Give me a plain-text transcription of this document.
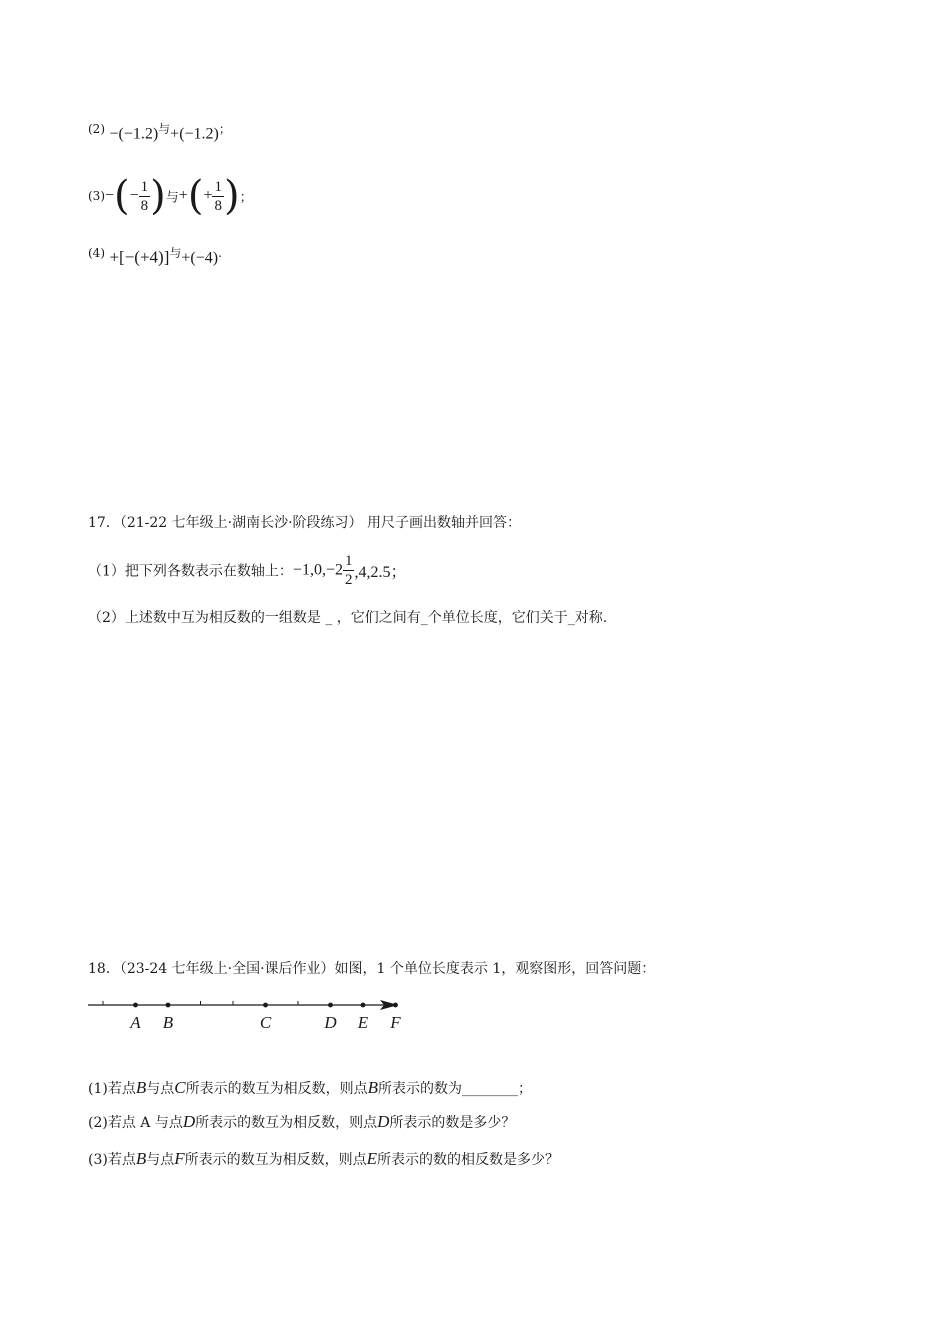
(2) −(−1.2)与+(−1.2)；
$(3)-(- \frac{1}{8}$ )与+(+ $\frac{1}{8}$ )；
(4) +[−(+4)]与+(−4).
17．（21-22 七年级上·湖南长沙·阶段练习） 用尺子画出数轴并回答：
（1）把下列各数表示在数轴上：$-1,0,-2 \frac{1}{2} ,4,2.5$；
（2）上述数中互为相反数的一组数是 _ ，它们之间有_个单位长度，它们关于_对称.
18．（23-24 七年级上·全国·课后作业）如图，1 个单位长度表示 1，观察图形，回答问题：
A B	C	D E F
(1)若点B与点C所表示的数互为相反数，则点B所表示的数为________；
(2)若点 A 与点D所表示的数互为相反数，则点D所表示的数是多少？
(3)若点B与点F所表示的数互为相反数，则点E所表示的数的相反数是多少？
